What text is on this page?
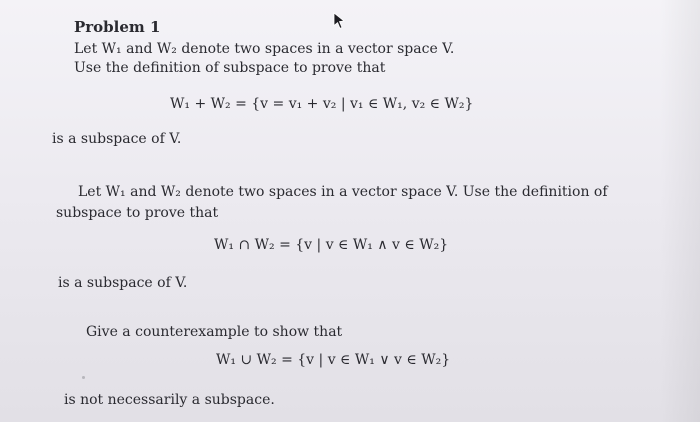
Problem 1
Let W₁ and W₂ denote two spaces in a vector space V.
Use the definition of subspace to prove that
W₁ + W₂ = {v = v₁ + v₂ | v₁ ∈ W₁, v₂ ∈ W₂}
is a subspace of V.
Let W₁ and W₂ denote two spaces in a vector space V. Use the definition of
subspace to prove that
W₁ ∩ W₂ = {v | v ∈ W₁ ∧ v ∈ W₂}
is a subspace of V.
Give a counterexample to show that
W₁ ∪ W₂ = {v | v ∈ W₁ ∨ v ∈ W₂}
is not necessarily a subspace.
